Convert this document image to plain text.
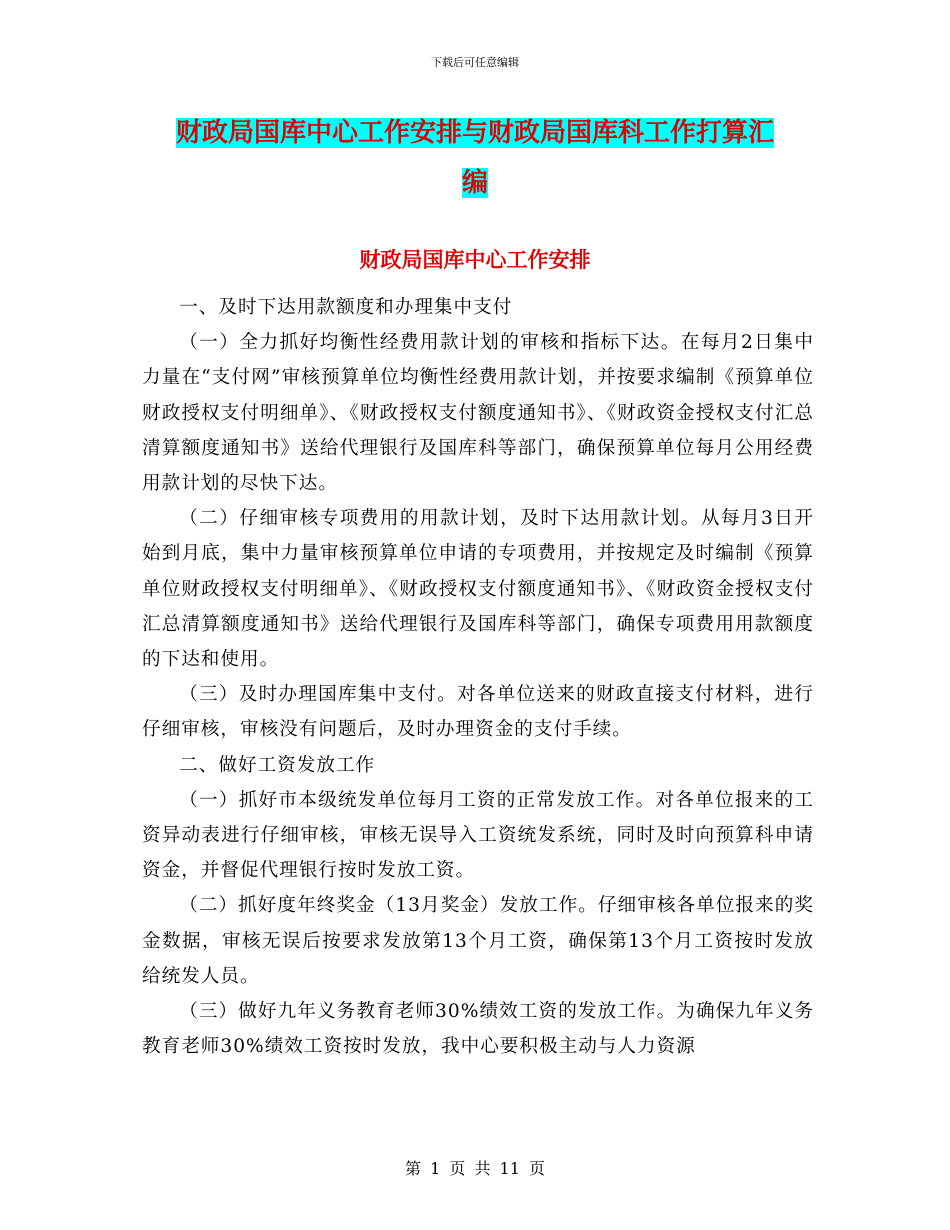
下载后可任意编辑
财政局国库中心工作安排与财政局国库科工作打算汇
编
财政局国库中心工作安排

一、及时下达用款额度和办理集中支付

（一）全力抓好均衡性经费用款计划的审核和指标下达。在每月2日集中力量在“支付网”审核预算单位均衡性经费用款计划，并按要求编制《预算单位财政授权支付明细单》、《财政授权支付额度通知书》、《财政资金授权支付汇总清算额度通知书》送给代理银行及国库科等部门，确保预算单位每月公用经费用款计划的尽快下达。

（二）仔细审核专项费用的用款计划，及时下达用款计划。从每月3日开始到月底，集中力量审核预算单位申请的专项费用，并按规定及时编制《预算单位财政授权支付明细单》、《财政授权支付额度通知书》、《财政资金授权支付汇总清算额度通知书》送给代理银行及国库科等部门，确保专项费用用款额度的下达和使用。

（三）及时办理国库集中支付。对各单位送来的财政直接支付材料，进行仔细审核，审核没有问题后，及时办理资金的支付手续。

二、做好工资发放工作

（一）抓好市本级统发单位每月工资的正常发放工作。对各单位报来的工资异动表进行仔细审核，审核无误导入工资统发系统，同时及时向预算科申请资金，并督促代理银行按时发放工资。

（二）抓好度年终奖金（13月奖金）发放工作。仔细审核各单位报来的奖金数据，审核无误后按要求发放第13个月工资，确保第13个月工资按时发放给统发人员。

（三）做好九年义务教育老师30%绩效工资的发放工作。为确保九年义务教育老师30%绩效工资按时发放，我中心要积极主动与人力资源

第 1 页 共 11 页
